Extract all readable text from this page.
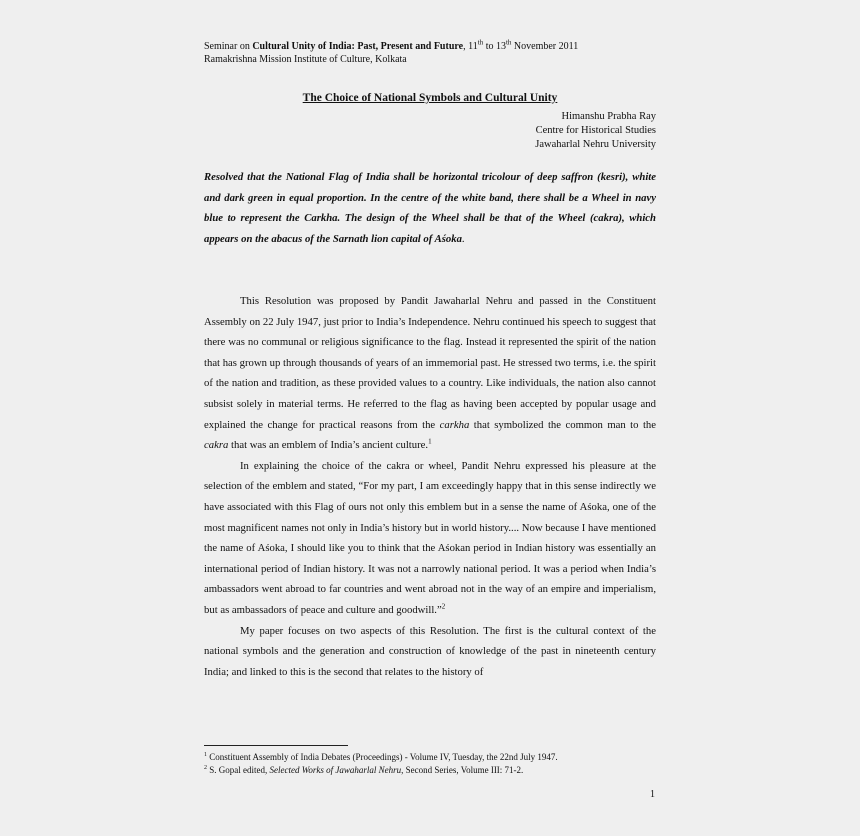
Seminar on Cultural Unity of India: Past, Present and Future, 11th to 13th November 2011
Ramakrishna Mission Institute of Culture, Kolkata
The Choice of National Symbols and Cultural Unity
Himanshu Prabha Ray
Centre for Historical Studies
Jawaharlal Nehru University
Resolved that the National Flag of India shall be horizontal tricolour of deep saffron (kesri), white and dark green in equal proportion. In the centre of the white band, there shall be a Wheel in navy blue to represent the Carkha. The design of the Wheel shall be that of the Wheel (cakra), which appears on the abacus of the Sarnath lion capital of Aśoka.

This Resolution was proposed by Pandit Jawaharlal Nehru and passed in the Constituent Assembly on 22 July 1947, just prior to India’s Independence. Nehru continued his speech to suggest that there was no communal or religious significance to the flag. Instead it represented the spirit of the nation that has grown up through thousands of years of an immemorial past. He stressed two terms, i.e. the spirit of the nation and tradition, as these provided values to a country. Like individuals, the nation also cannot subsist solely in material terms. He referred to the flag as having been accepted by popular usage and explained the change for practical reasons from the carkha that symbolized the common man to the cakra that was an emblem of India’s ancient culture.$^1$

In explaining the choice of the cakra or wheel, Pandit Nehru expressed his pleasure at the selection of the emblem and stated, “For my part, I am exceedingly happy that in this sense indirectly we have associated with this Flag of ours not only this emblem but in a sense the name of Aśoka, one of the most magnificent names not only in India’s history but in world history.... Now because I have mentioned the name of Aśoka, I should like you to think that the Aśokan period in Indian history was essentially an international period of Indian history. It was not a narrowly national period. It was a period when India’s ambassadors went abroad to far countries and went abroad not in the way of an empire and imperialism, but as ambassadors of peace and culture and goodwill.”$^2$

My paper focuses on two aspects of this Resolution. The first is the cultural context of the national symbols and the generation and construction of knowledge of the past in nineteenth century India; and linked to this is the second that relates to the history of

$^1$ Constituent Assembly of India Debates (Proceedings) - Volume IV, Tuesday, the 22nd July 1947.
$^2$ S. Gopal edited, Selected Works of Jawaharlal Nehru, Second Series, Volume III: 71-2.
1
